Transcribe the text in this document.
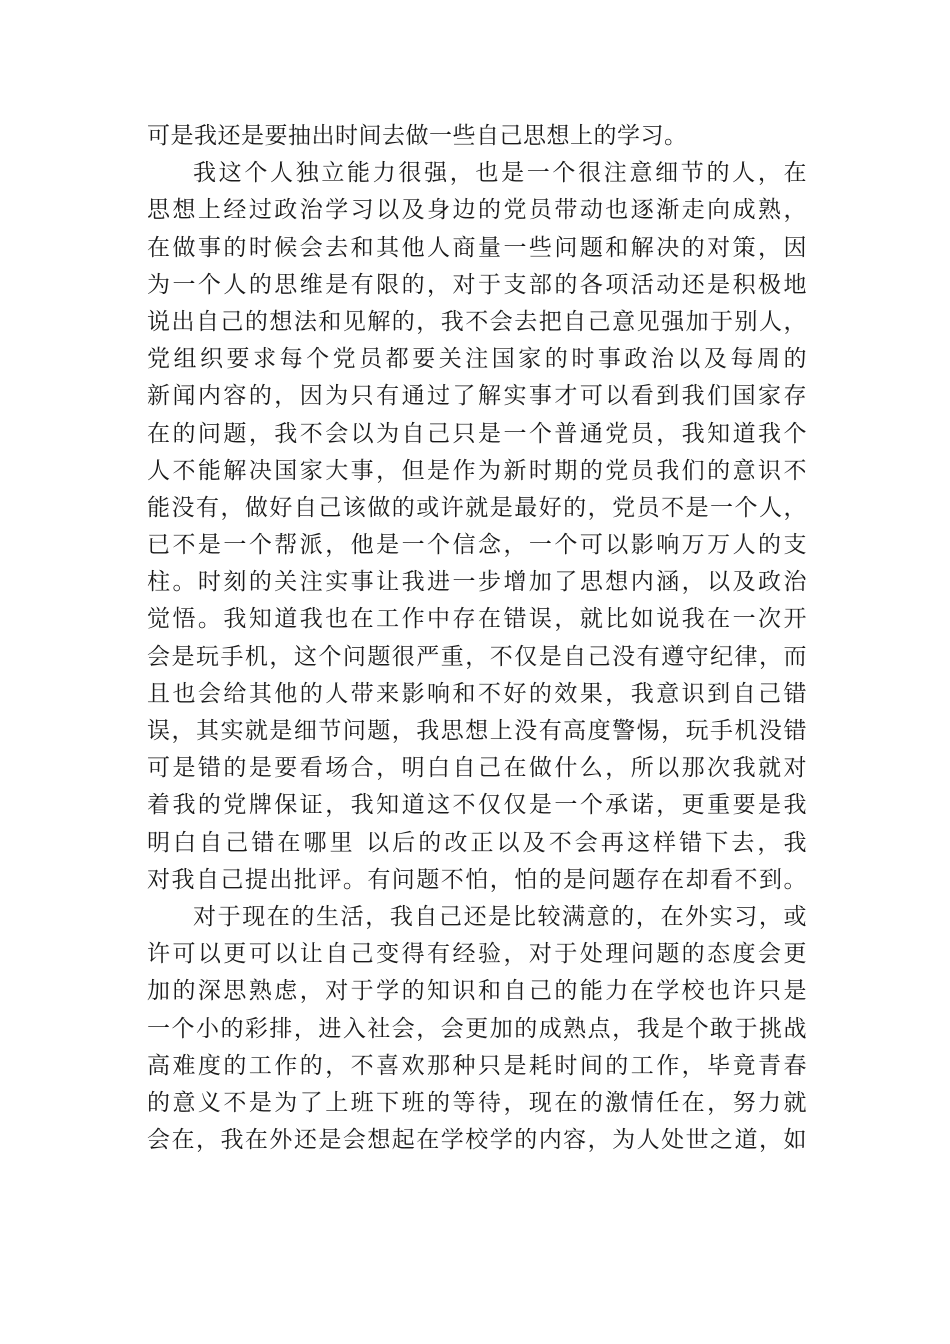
可是我还是要抽出时间去做一些自己思想上的学习。
我这个人独立能力很强，也是一个很注意细节的人，在
思想上经过政治学习以及身边的党员带动也逐渐走向成熟，
在做事的时候会去和其他人商量一些问题和解决的对策，因
为一个人的思维是有限的，对于支部的各项活动还是积极地
说出自己的想法和见解的，我不会去把自己意见强加于别人，
党组织要求每个党员都要关注国家的时事政治以及每周的
新闻内容的，因为只有通过了解实事才可以看到我们国家存
在的问题，我不会以为自己只是一个普通党员，我知道我个
人不能解决国家大事，但是作为新时期的党员我们的意识不
能没有，做好自己该做的或许就是最好的，党员不是一个人，
已不是一个帮派，他是一个信念，一个可以影响万万人的支
柱。时刻的关注实事让我进一步增加了思想内涵，以及政治
觉悟。我知道我也在工作中存在错误，就比如说我在一次开
会是玩手机，这个问题很严重，不仅是自己没有遵守纪律，而
且也会给其他的人带来影响和不好的效果，我意识到自己错
误，其实就是细节问题，我思想上没有高度警惕，玩手机没错
可是错的是要看场合，明白自己在做什么，所以那次我就对
着我的党牌保证，我知道这不仅仅是一个承诺，更重要是我
明白自己错在哪里 以后的改正以及不会再这样错下去，我
对我自己提出批评。有问题不怕，怕的是问题存在却看不到。
对于现在的生活，我自己还是比较满意的，在外实习，或
许可以更可以让自己变得有经验，对于处理问题的态度会更
加的深思熟虑，对于学的知识和自己的能力在学校也许只是
一个小的彩排，进入社会，会更加的成熟点，我是个敢于挑战
高难度的工作的，不喜欢那种只是耗时间的工作，毕竟青春
的意义不是为了上班下班的等待，现在的激情任在，努力就
会在，我在外还是会想起在学校学的内容，为人处世之道，如
